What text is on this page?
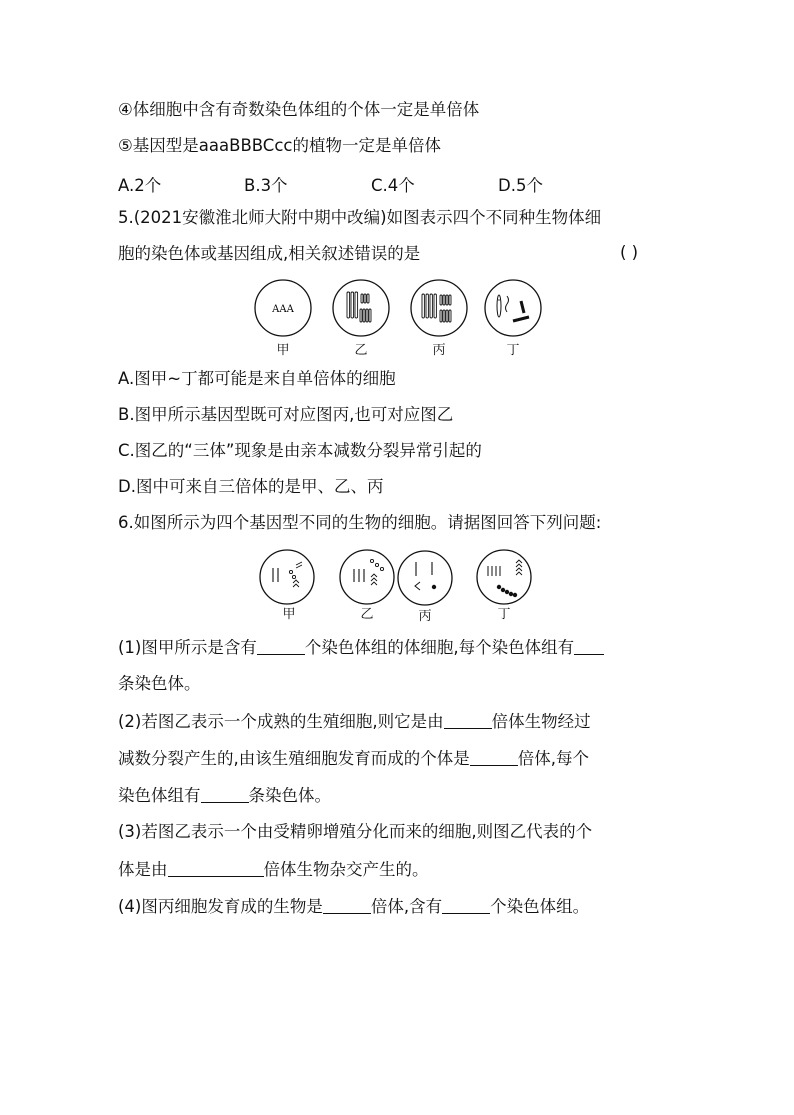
④体细胞中含有奇数染色体组的个体一定是单倍体
⑤基因型是aaaBBBCcc的植物一定是单倍体
A.2个	B.3个	C.4个	D.5个
5.(2021安徽淮北师大附中期中改编)如图表示四个不同种生物体细
胞的染色体或基因组成,相关叙述错误的是	( )
AAA
甲	乙	丙	丁
A.图甲~丁都可能是来自单倍体的细胞
B.图甲所示基因型既可对应图丙,也可对应图乙
C.图乙的“三体”现象是由亲本减数分裂异常引起的
D.图中可来自三倍体的是甲、乙、丙
6.如图所示为四个基因型不同的生物的细胞。请据图回答下列问题:
甲	乙	丙	丁
(1)图甲所示是含有	个染色体组的体细胞,每个染色体组有
条染色体。
(2)若图乙表示一个成熟的生殖细胞,则它是由	倍体生物经过
减数分裂产生的,由该生殖细胞发育而成的个体是	倍体,每个
染色体组有	条染色体。
(3)若图乙表示一个由受精卵增殖分化而来的细胞,则图乙代表的个
体是由	倍体生物杂交产生的。
(4)图丙细胞发育成的生物是	倍体,含有	个染色体组。
